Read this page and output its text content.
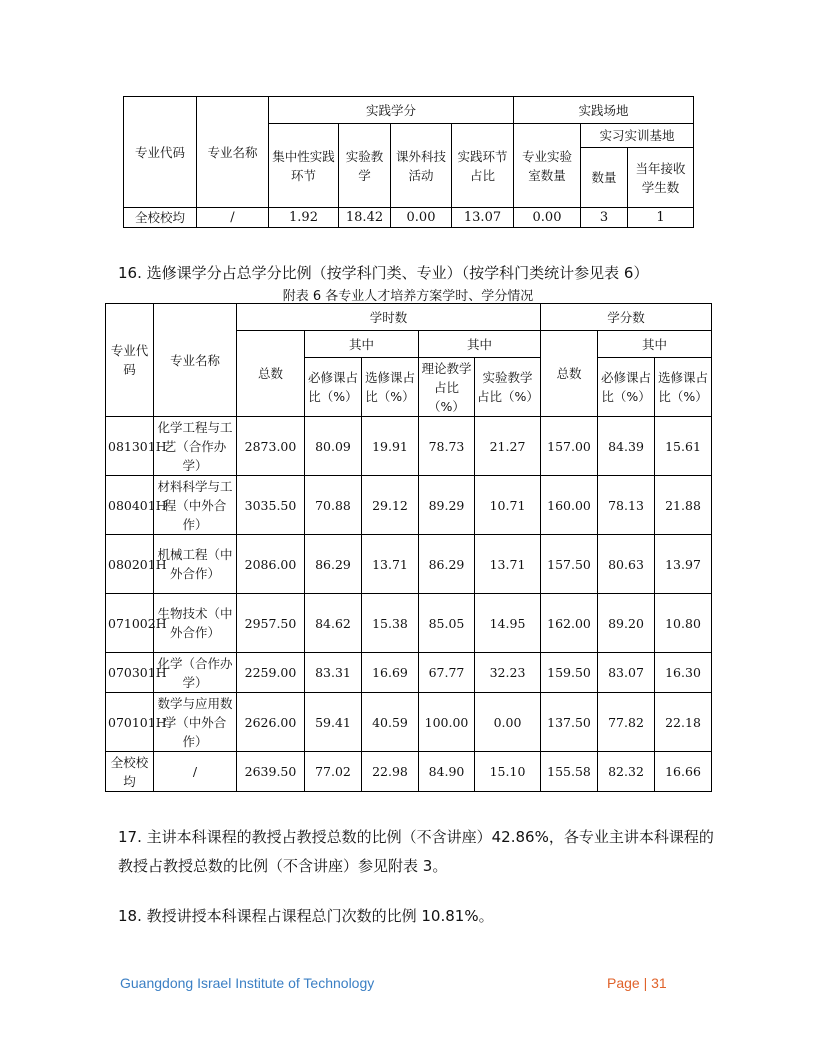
专业代码	专业名称	实践学分				实践场地		
		集中性实践环节	实验教学	课外科技活动	实践环节占比	专业实验室数量	实习实训基地	
							数量	当年接收学生数
全校校均	/	1.92	18.42	0.00	13.07	0.00	3	1
16. 选修课学分占总学分比例（按学科门类、专业）（按学科门类统计参见表 6）
附表 6 各专业人才培养方案学时、学分情况
专业代码	专业名称	学时数					学分数		
		总数	其中		其中		总数	其中	
			必修课占比（%）	选修课占比（%）	理论教学占比（%）	实验教学占比（%）		必修课占比（%）	选修课占比（%）
081301H	化学工程与工艺（合作办学）	2873.00	80.09	19.91	78.73	21.27	157.00	84.39	15.61
080401H	材料科学与工程（中外合作）	3035.50	70.88	29.12	89.29	10.71	160.00	78.13	21.88
080201H	机械工程（中外合作）	2086.00	86.29	13.71	86.29	13.71	157.50	80.63	13.97
071002H	生物技术（中外合作）	2957.50	84.62	15.38	85.05	14.95	162.00	89.20	10.80
070301H	化学（合作办学）	2259.00	83.31	16.69	67.77	32.23	159.50	83.07	16.30
070101H	数学与应用数学（中外合作）	2626.00	59.41	40.59	100.00	0.00	137.50	77.82	22.18
全校校均	/	2639.50	77.02	22.98	84.90	15.10	155.58	82.32	16.66
17. 主讲本科课程的教授占教授总数的比例（不含讲座）42.86%，各专业主讲本科课程的教授占教授总数的比例（不含讲座）参见附表 3。
18. 教授讲授本科课程占课程总门次数的比例 10.81%。
Guangdong Israel Institute of Technology	Page | 31
